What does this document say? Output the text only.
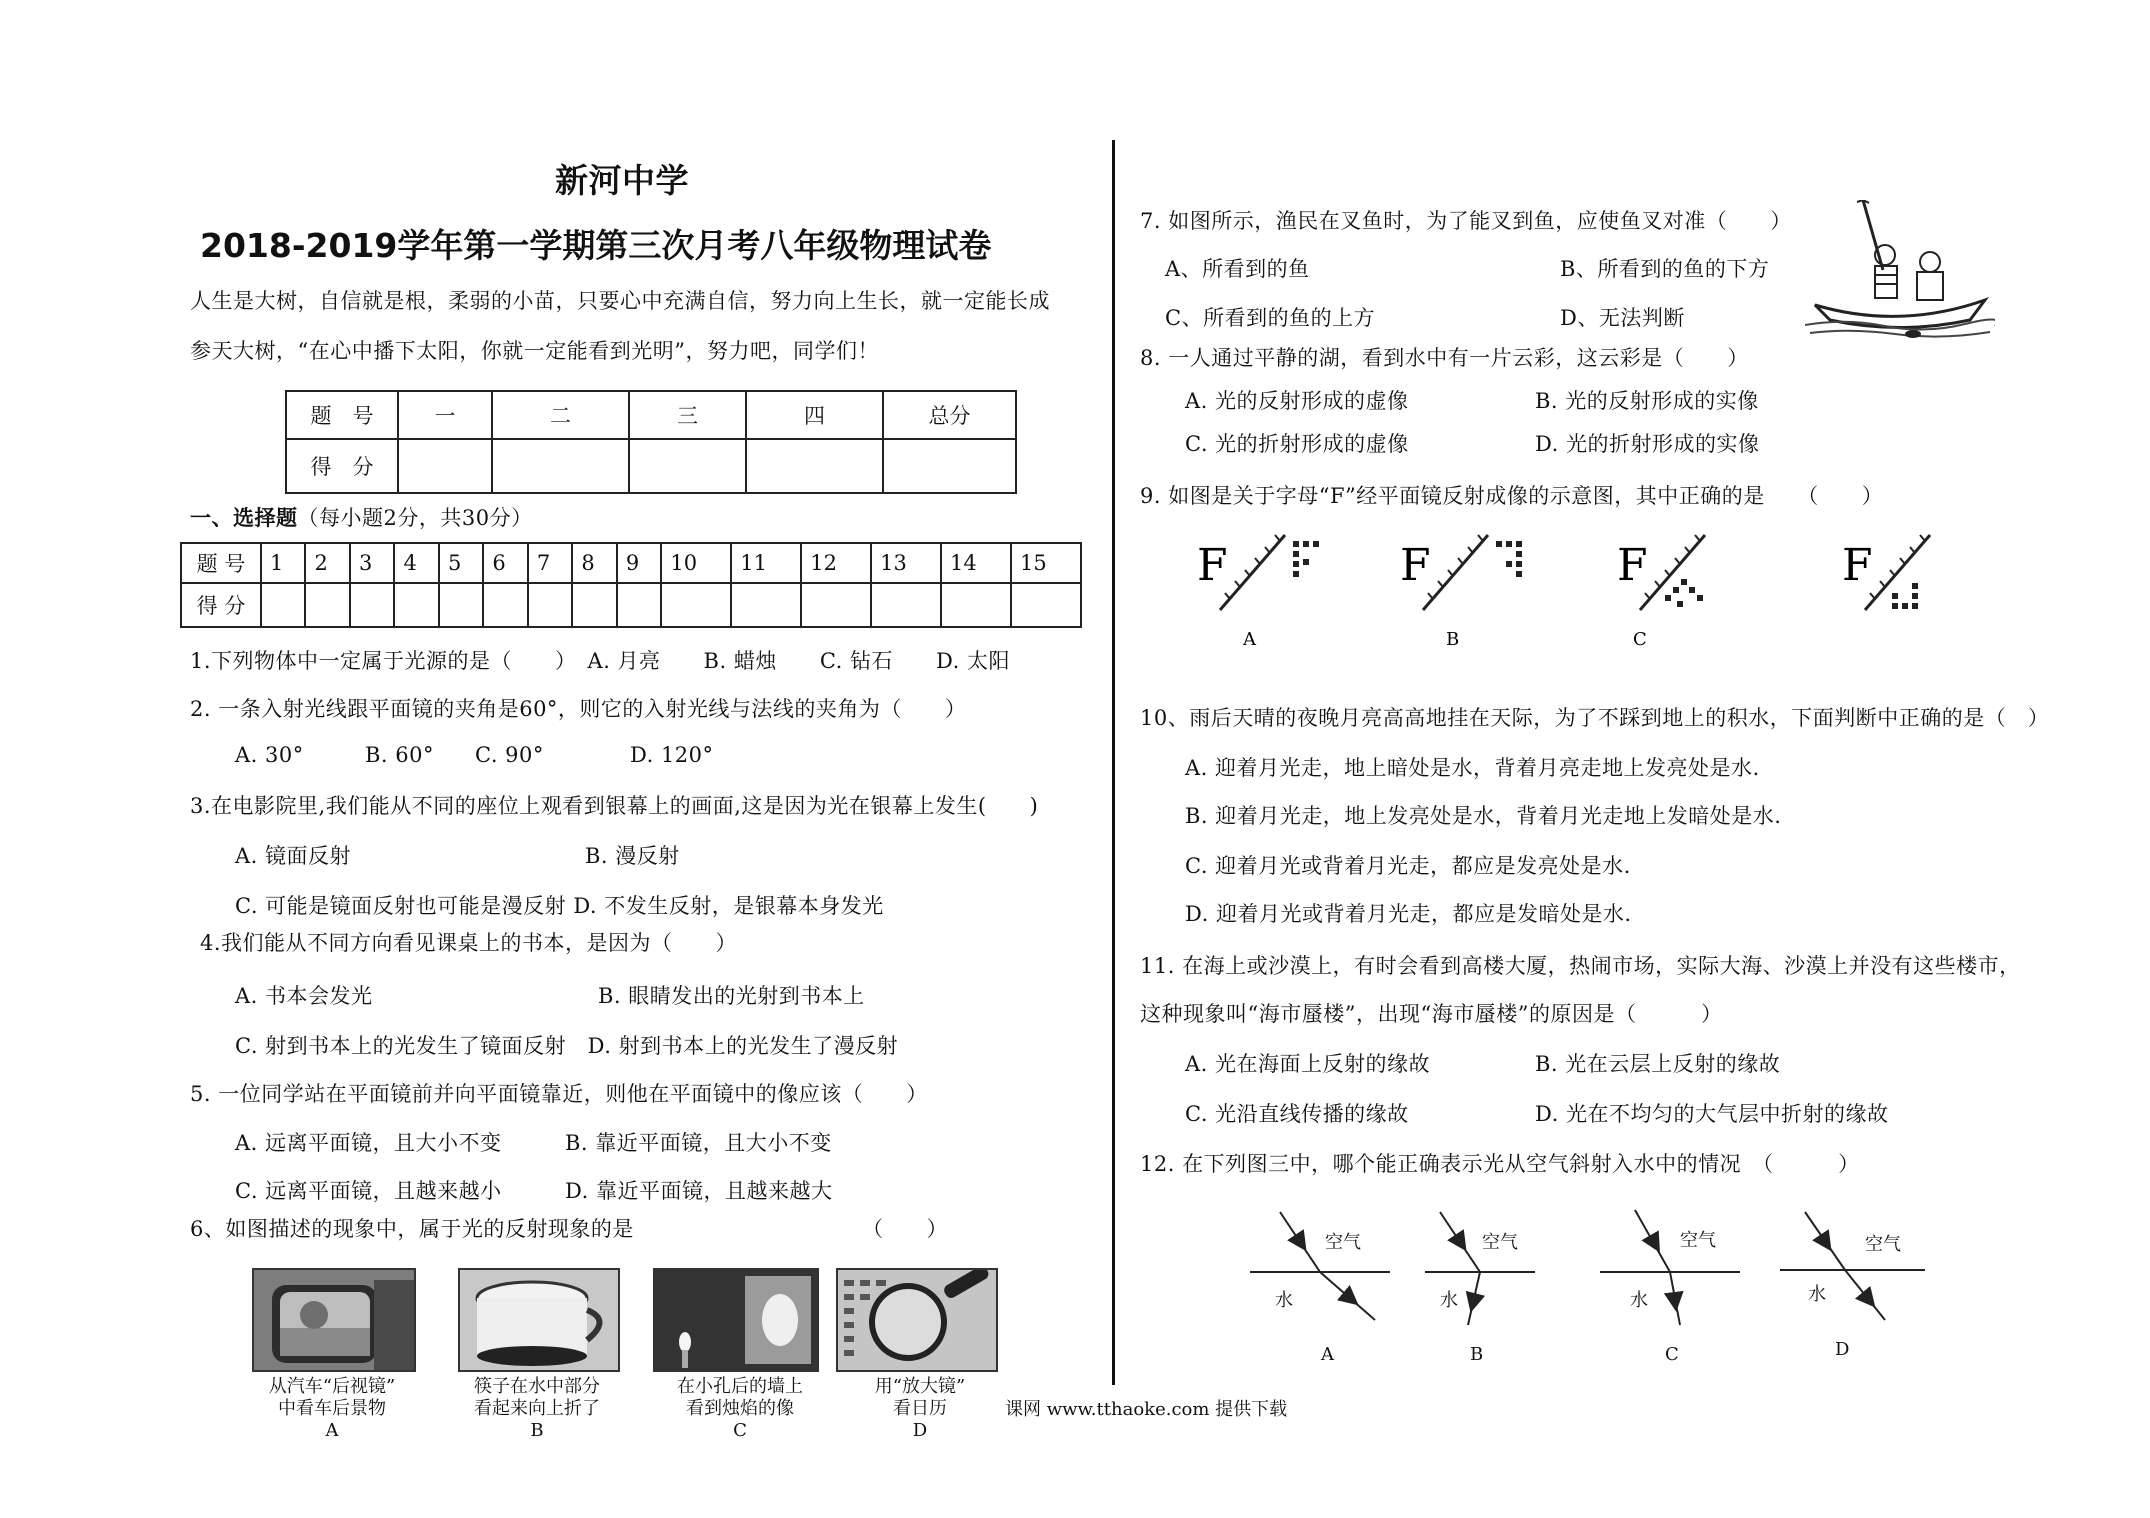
新河中学
2018-2019学年第一学期第三次月考八年级物理试卷
人生是大树，自信就是根，柔弱的小苗，只要心中充满自信，努力向上生长，就一定能长成
参天大树，“在心中播下太阳，你就一定能看到光明”，努力吧，同学们！
题　号	一	二	三	四	总分
得　分					
一、选择题（每小题2分，共30分）
题 号	1	2	3	4	5	6	7	8	9	10	11	12	13	14	15
得 分															
1.下列物体中一定属于光源的是（　　）　A. 月亮　　B. 蜡烛　　C. 钻石　　D. 太阳
2. 一条入射光线跟平面镜的夹角是60°，则它的入射光线与法线的夹角为（　　）
A. 30°	B. 60° C. 90°	D. 120°
3.在电影院里,我们能从不同的座位上观看到银幕上的画面,这是因为光在银幕上发生(　　)
A. 镜面反射	B. 漫反射
C. 可能是镜面反射也可能是漫反射 D. 不发生反射，是银幕本身发光
4.我们能从不同方向看见课桌上的书本，是因为（　　）
A. 书本会发光	B. 眼睛发出的光射到书本上
C. 射到书本上的光发生了镜面反射　D. 射到书本上的光发生了漫反射
5. 一位同学站在平面镜前并向平面镜靠近，则他在平面镜中的像应该（　　）
A. 远离平面镜，且大小不变	B. 靠近平面镜，且大小不变
C. 远离平面镜，且越来越小	D. 靠近平面镜，且越来越大
6、如图描述的现象中，属于光的反射现象的是	（　　）
从汽车“后视镜”
中看车后景物
A
筷子在水中部分
看起来向上折了
B
在小孔后的墙上
看到烛焰的像
C
用“放大镜”
看日历
D
课网 www.tthaoke.com 提供下载
7. 如图所示，渔民在叉鱼时，为了能叉到鱼，应使鱼叉对准（　　）
A、所看到的鱼	B、所看到的鱼的下方
C、所看到的鱼的上方	D、无法判断
8. 一人通过平静的湖，看到水中有一片云彩，这云彩是（　　）
A. 光的反射形成的虚像	B. 光的反射形成的实像
C. 光的折射形成的虚像	D. 光的折射形成的实像
9. 如图是关于字母“F”经平面镜反射成像的示意图，其中正确的是　　（　　）
F
A
F
B
F
C
F
10、雨后天晴的夜晚月亮高高地挂在天际，为了不踩到地上的积水，下面判断中正确的是（　）
A. 迎着月光走，地上暗处是水，背着月亮走地上发亮处是水.
B. 迎着月光走，地上发亮处是水，背着月光走地上发暗处是水.
C. 迎着月光或背着月光走，都应是发亮处是水.
D. 迎着月光或背着月光走，都应是发暗处是水.
11. 在海上或沙漠上，有时会看到高楼大厦，热闹市场，实际大海、沙漠上并没有这些楼市，
这种现象叫“海市蜃楼”，出现“海市蜃楼”的原因是（　　　）
A. 光在海面上反射的缘故	B. 光在云层上反射的缘故
C. 光沿直线传播的缘故	D. 光在不均匀的大气层中折射的缘故
12. 在下列图三中，哪个能正确表示光从空气斜射入水中的情况　（　　　）
空气
水
A
空气
水
B
空气
水
C
空气
水
D
